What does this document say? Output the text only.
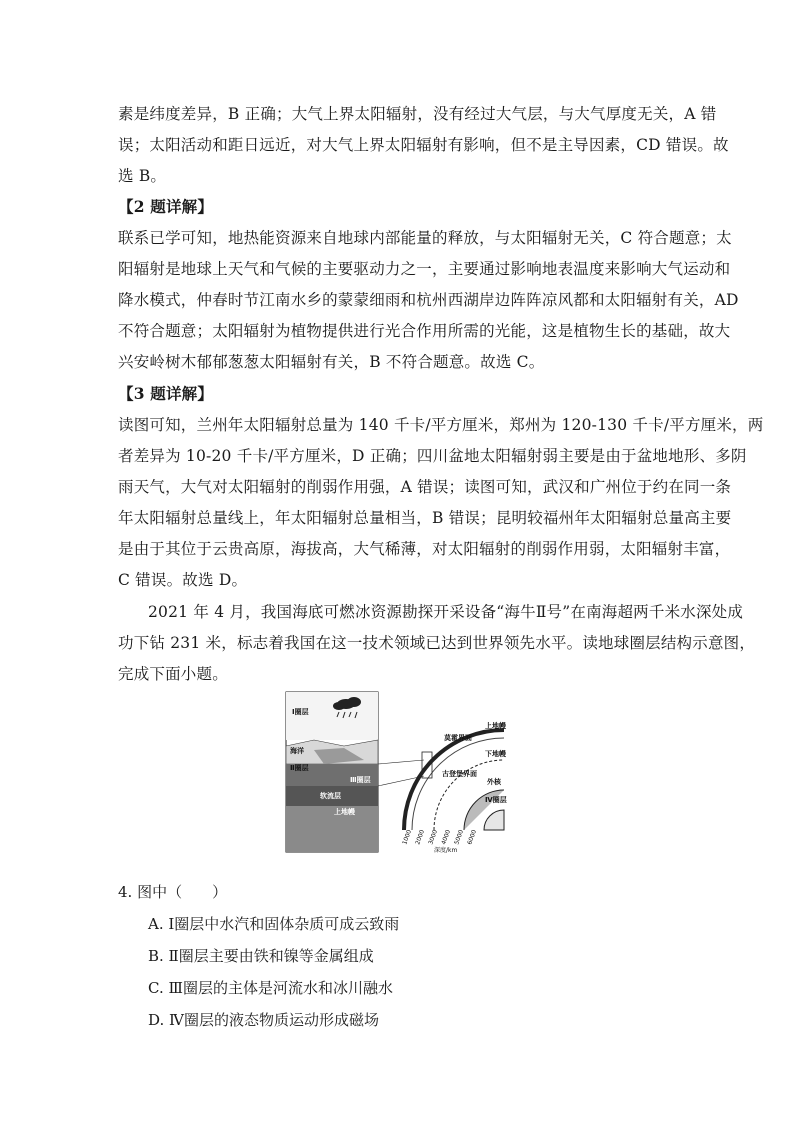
素是纬度差异，B 正确；大气上界太阳辐射，没有经过大气层，与大气厚度无关，A 错
误；太阳活动和距日远近，对大气上界太阳辐射有影响，但不是主导因素，CD 错误。故
选 B。
【2 题详解】
联系已学可知，地热能资源来自地球内部能量的释放，与太阳辐射无关，C 符合题意；太
阳辐射是地球上天气和气候的主要驱动力之一，主要通过影响地表温度来影响大气运动和
降水模式，仲春时节江南水乡的蒙蒙细雨和杭州西湖岸边阵阵凉风都和太阳辐射有关，AD
不符合题意；太阳辐射为植物提供进行光合作用所需的光能，这是植物生长的基础，故大
兴安岭树木郁郁葱葱太阳辐射有关，B 不符合题意。故选 C。
【3 题详解】
读图可知，兰州年太阳辐射总量为 140 千卡/平方厘米，郑州为 120-130 千卡/平方厘米，两
者差异为 10-20 千卡/平方厘米，D 正确；四川盆地太阳辐射弱主要是由于盆地地形、多阴
雨天气，大气对太阳辐射的削弱作用强，A 错误；读图可知，武汉和广州位于约在同一条
年太阳辐射总量线上，年太阳辐射总量相当，B 错误；昆明较福州年太阳辐射总量高主要
是由于其位于云贵高原，海拔高，大气稀薄，对太阳辐射的削弱作用弱，太阳辐射丰富，
C 错误。故选 D。
2021 年 4 月，我国海底可燃冰资源勘探开采设备“海牛Ⅱ号”在南海超两千米水深处成
功下钻 231 米，标志着我国在这一技术领域已达到世界领先水平。读地球圈层结构示意图，
完成下面小题。
Ⅰ圈层
海洋
Ⅱ圈层
Ⅲ圈层
软流层
上地幔
莫霍界面
古登堡界面
上地幔
下地幔
外核
Ⅳ圈层
1000 2000 3000 4000 5000 6000
深度/km
4. 图中（　　）
A. Ⅰ圈层中水汽和固体杂质可成云致雨
B. Ⅱ圈层主要由铁和镍等金属组成
C. Ⅲ圈层的主体是河流水和冰川融水
D. Ⅳ圈层的液态物质运动形成磁场
